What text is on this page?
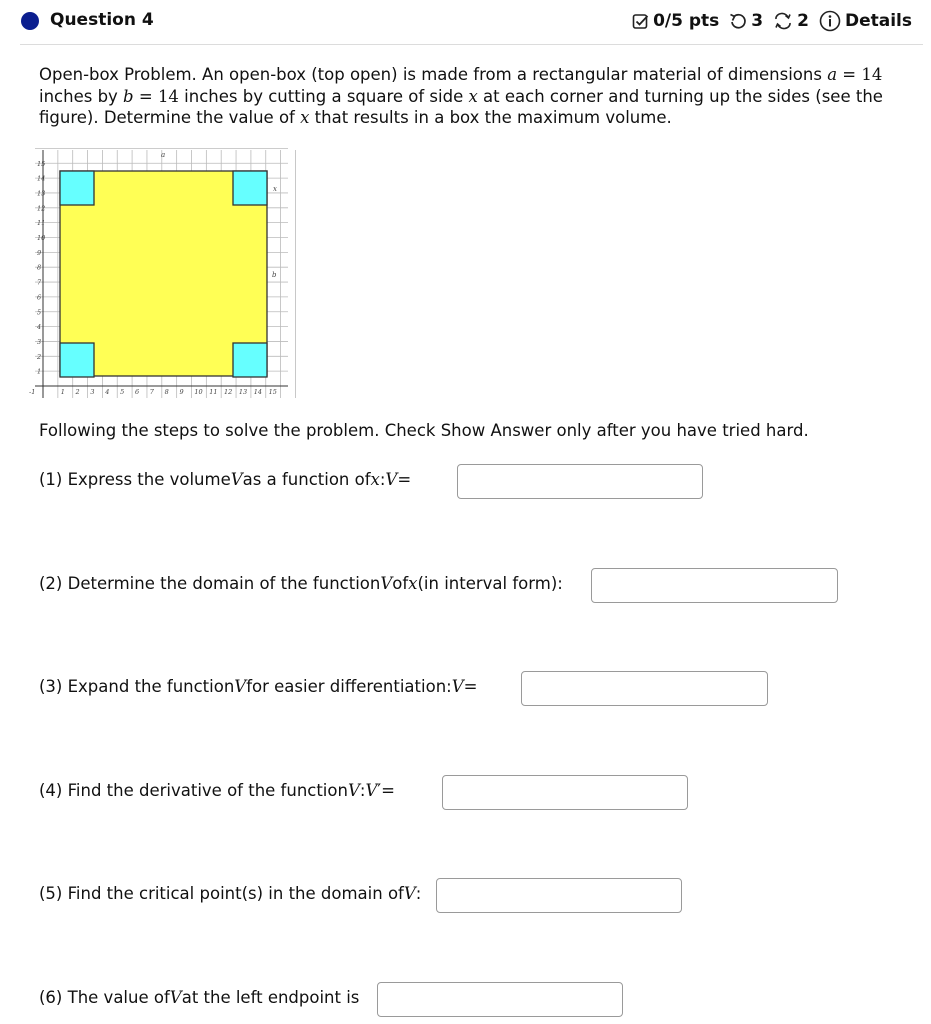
Question 4	0/5 pts 3 2 Details
Open-box Problem. An open-box (top open) is made from a rectangular material of dimensions a = 14
inches by b = 14 inches by cutting a square of side x at each corner and turning up the sides (see the
figure). Determine the value of x that results in a box the maximum volume.
15
14
13
12
11
10
9
8
7
6
5
4
3
2
1
-1	1 2 3 4 5 6 7 8 9 10 11 12 13 14 15
a
x
b
Following the steps to solve the problem. Check Show Answer only after you have tried hard.
(1) Express the volume V as a function of x : V =
(2) Determine the domain of the function V of x (in interval form):
(3) Expand the function V for easier differentiation: V =
(4) Find the derivative of the function V : V ′ =
(5) Find the critical point(s) in the domain of V :
(6) The value of V at the left endpoint is
